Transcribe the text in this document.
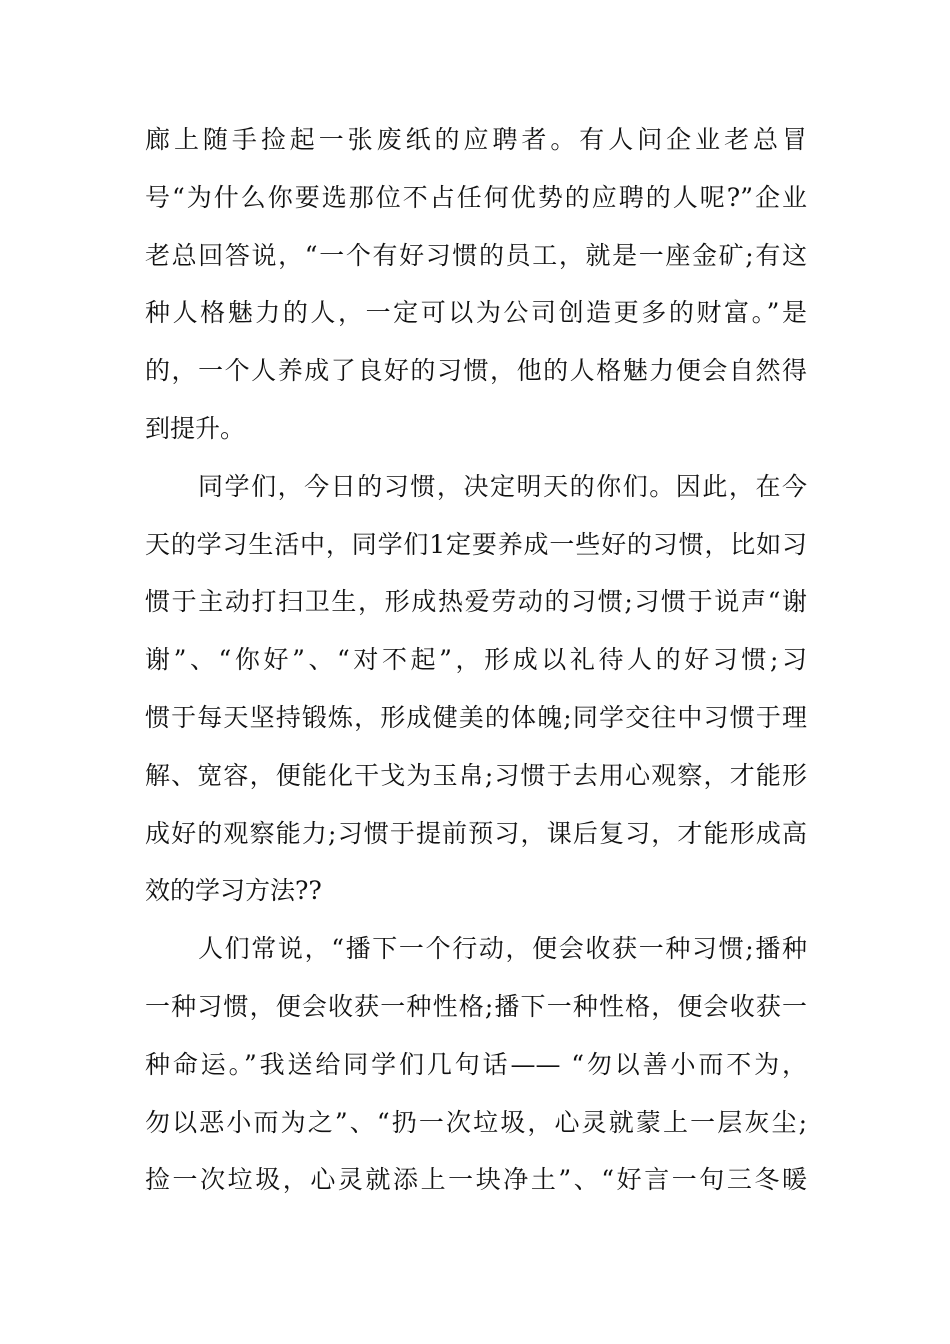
廊上随手捡起一张废纸的应聘者。有人问企业老总冒
号“为什么你要选那位不占任何优势的应聘的人呢?”企业
老总回答说，“一个有好习惯的员工，就是一座金矿;有这
种人格魅力的人，一定可以为公司创造更多的财富。”是
的，一个人养成了良好的习惯，他的人格魅力便会自然得
到提升。
同学们，今日的习惯，决定明天的你们。因此，在今
天的学习生活中，同学们1定要养成一些好的习惯，比如习
惯于主动打扫卫生，形成热爱劳动的习惯;习惯于说声“谢
谢”、“你好”、“对不起”，形成以礼待人的好习惯;习
惯于每天坚持锻炼，形成健美的体魄;同学交往中习惯于理
解、宽容，便能化干戈为玉帛;习惯于去用心观察，才能形
成好的观察能力;习惯于提前预习，课后复习，才能形成高
效的学习方法??
人们常说，“播下一个行动，便会收获一种习惯;播种
一种习惯，便会收获一种性格;播下一种性格，便会收获一
种命运。”我送给同学们几句话—— “勿以善小而不为，
勿以恶小而为之”、“扔一次垃圾，心灵就蒙上一层灰尘;
捡一次垃圾，心灵就添上一块净土”、“好言一句三冬暖
